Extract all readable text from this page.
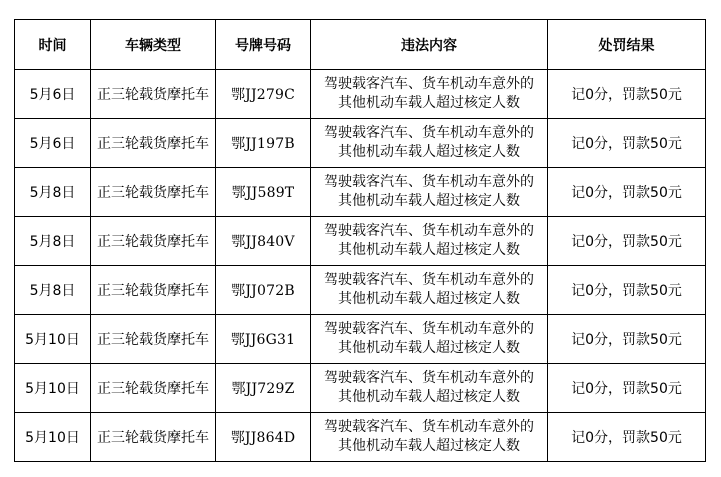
时间	车辆类型	号牌号码	违法内容	处罚结果
5月6日	正三轮载货摩托车	鄂JJ279C	驾驶载客汽车、货车机动车意外的
其他机动车载人超过核定人数	记0分，罚款50元
5月6日	正三轮载货摩托车	鄂JJ197B	驾驶载客汽车、货车机动车意外的
其他机动车载人超过核定人数	记0分，罚款50元
5月8日	正三轮载货摩托车	鄂JJ589T	驾驶载客汽车、货车机动车意外的
其他机动车载人超过核定人数	记0分，罚款50元
5月8日	正三轮载货摩托车	鄂JJ840V	驾驶载客汽车、货车机动车意外的
其他机动车载人超过核定人数	记0分，罚款50元
5月8日	正三轮载货摩托车	鄂JJ072B	驾驶载客汽车、货车机动车意外的
其他机动车载人超过核定人数	记0分，罚款50元
5月10日	正三轮载货摩托车	鄂JJ6G31	驾驶载客汽车、货车机动车意外的
其他机动车载人超过核定人数	记0分，罚款50元
5月10日	正三轮载货摩托车	鄂JJ729Z	驾驶载客汽车、货车机动车意外的
其他机动车载人超过核定人数	记0分，罚款50元
5月10日	正三轮载货摩托车	鄂JJ864D	驾驶载客汽车、货车机动车意外的
其他机动车载人超过核定人数	记0分，罚款50元
